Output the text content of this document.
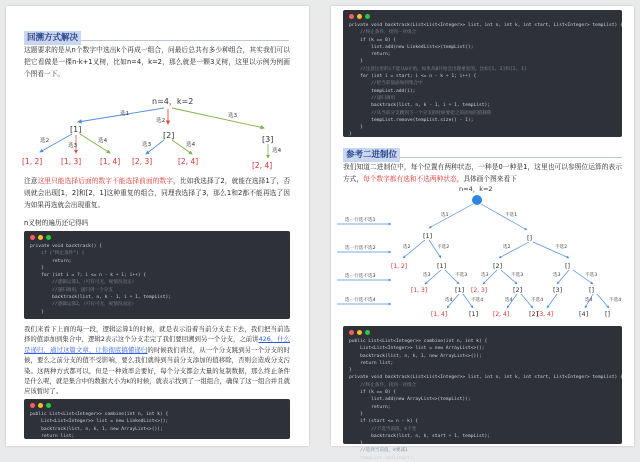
回溯方式解决
这题要求的是从n个数字中选出k个再成一组合，问最后总共有多少种组合，其实我们可以把它看做是一棵n-k+1叉树，比如n=4，k=2，那么就是一颗3叉树，这里以示例为例画个图看一下。
n=4，k=2
选1
选2
选3
[1]
[2]	[3]
选2
选3
选4
选3	选4
选4
[1, 2]	[1, 3]	[1, 4] [2, 3]	[2, 4]	[2, 4]
注意这里只能选择后面的数字不能选择前面的数字，比如我选择了2，就能在选择1了，否则就会出现[1，2]和[2，1]这种重复的组合，同理我选择了3，那么1和2都不能再选了因为如果再选就会出现重复。
n叉树的遍历还记得吗
private void backtrack() {
if ("终止条件") {
return;
}
for (int i = ?; i <= n - k + 1; i++) {
//逻辑运算1，（可有可无，视情况而定）
//递归调用，递归到一个分支
backtrack(list, n, k - 1, i + 1, tempList);
//逻辑运算2，（可有可无，视情况而定）
}
我们来看下上面的每一段，逻辑运算1的时候，就是表示沿着当前分支走下去，我们把当前选择的值添加到集合中，逻辑2表示这个分支走完了我们要回溯到另一个分支，之前讲426，什么是递归，通过这篇文章，让你彻底搞懂递归的时候我们讲过，从一个分支跳到另一个分支的时候，要么之前分支的值不受影响，要么我们就得到当前分支添加的值移除，否则会造成分支污染。这两种方式都可以，但是一种效率会要好，每个分支都会大量的复制数据，那么终止条件是什么呢，就是集合中的数据大小为k的时候，就表示找到了一组组合，确保了这一组合并且就应该暂时了。
public List<List<Integer>> combine(int n, int k) {
List<List<Integer>> list = new LinkedList<>();
backtrack(list, n, k, 1, new ArrayList<>());
return list;
private void backtrack(List<List<Integer>> list, int n, int k, int start, List<Integer> tempList) {
//终止条件，找到一对组合
if (k == 0) {
list.add(new LinkedList<>(tempList));
return;
}
//注意这里的i不能从0开始，如果从0开始会出现重复的，比如[1, 2]和[2, 1]
for (int i = start; i <= n - k + 1; i++) {
//把当前值添加到集合中
tempList.add(i);
//递归调用
backtrack(list, n, k - 1, i + 1, tempList);
//从当前分支跳到下一个分支的时候要把之前添加的值移除
tempList.remove(tempList.size() - 1);
}
}
参考二进制位
我们知道二进制位中，每个位置有两种状态，一种是0一种是1，这里也可以参照位运算的表示方式，每个数字都有选和不选两种状态，具体画个图来看下
n=4，k=2
选一行选不选1
选一行选不选2
选一行选不选3
选一行选不选4
选1	不选1
选2	不选2	选2	不选2
选3	不选3	选3	不选3	选3	不选3
选4	不选4	选4	不选4	选4	不选4
[1]	[]
[1, 2]	[1]	[2]	[]
[1, 3]	[1] [2, 3]	[2]	[3]	[]
[1, 4]	[1] [2, 4]	[2]
[3, 4]	[4]	[]
public List<List<Integer>> combine(int n, int k) {
List<List<Integer>> list = new ArrayList<>();
backtrack(list, n, k, 1, new ArrayList<>());
return list;
}
private void backtrack(List<List<Integer>> list, int n, int k, int start, List<Integer> tempList) {
//终止条件，找到一对组合
if (k == 0) {
list.add(new ArrayList<>(tempList));
return;
}
if (start <= n - k) {
//不选当前值，k不变
backtrack(list, n, k, start + 1, tempList);
}
//选择当前值，k要减1
tempList.add(start);
